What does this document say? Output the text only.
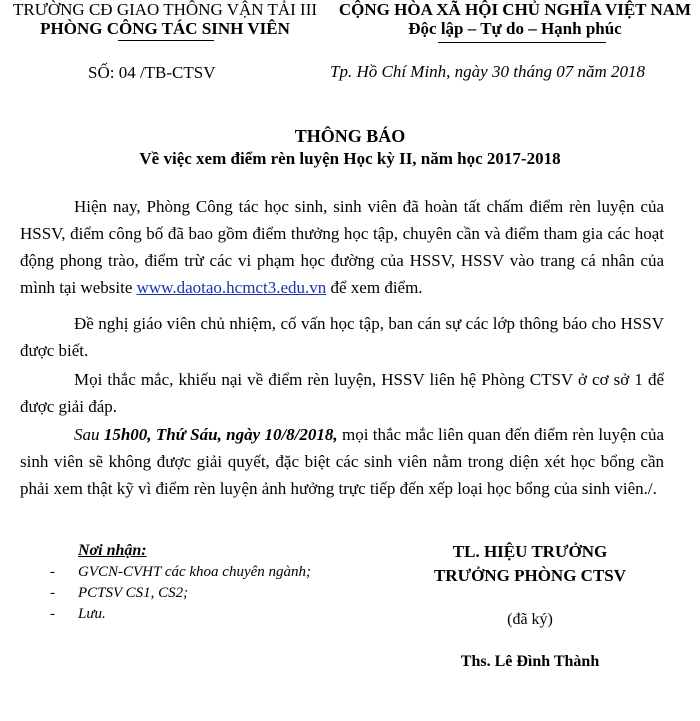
TRƯỜNG CĐ GIAO THÔNG VẬN TẢI III
PHÒNG CÔNG TÁC SINH VIÊN
CỘNG HÒA XÃ HỘI CHỦ NGHĨA VIỆT NAM
Độc lập – Tự do – Hạnh phúc
SỐ: 04 /TB-CTSV	Tp. Hồ Chí Minh, ngày 30 tháng 07 năm 2018
THÔNG BÁO
Về việc xem điểm rèn luyện Học kỳ II, năm học 2017-2018
Hiện nay, Phòng Công tác học sinh, sinh viên đã hoàn tất chấm điểm rèn luyện của HSSV, điểm công bố đã bao gồm điểm thưởng học tập, chuyên cần và điểm tham gia các hoạt động phong trào, điểm trừ các vi phạm học đường của HSSV, HSSV vào trang cá nhân của mình tại website www.daotao.hcmct3.edu.vn để xem điểm.
Đề nghị giáo viên chủ nhiệm, cố vấn học tập, ban cán sự các lớp thông báo cho HSSV được biết.
Mọi thắc mắc, khiếu nại về điểm rèn luyện, HSSV liên hệ Phòng CTSV ở cơ sở 1 để được giải đáp.
Sau 15h00, Thứ Sáu, ngày 10/8/2018, mọi thắc mắc liên quan đến điểm rèn luyện của sinh viên sẽ không được giải quyết, đặc biệt các sinh viên nằm trong diện xét học bổng cần phải xem thật kỹ vì điểm rèn luyện ảnh hưởng trực tiếp đến xếp loại học bổng của sinh viên./.
Nơi nhận:
- GVCN-CVHT các khoa chuyên ngành;
- PCTSV CS1, CS2;
- Lưu.
TL. HIỆU TRƯỞNG
TRƯỞNG PHÒNG CTSV
(đã ký)
Ths. Lê Đình Thành
